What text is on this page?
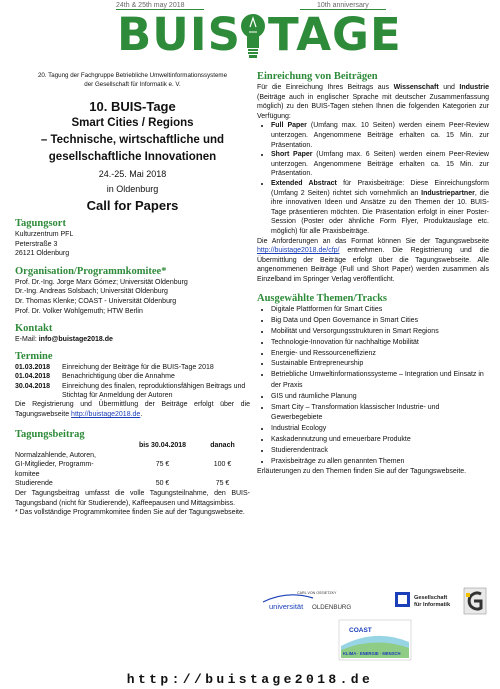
24th & 25th may 2018	10th anniversary
BUIS TAGE
20. Tagung der Fachgruppe Betriebliche Umweltinformationssysteme
der Gesellschaft für Informatik e. V.
10. BUIS-Tage
Smart Cities / Regions
– Technische, wirtschaftliche und
gesellschaftliche Innovationen
24.-25. Mai 2018
in Oldenburg
Call for Papers
Tagungsort
Kulturzentrum PFL
Peterstraße 3
26121 Oldenburg
Organisation/Programmkomitee*
Prof. Dr.-Ing. Jorge Marx Gómez; Universität Oldenburg
Dr.-Ing. Andreas Solsbach; Universität Oldenburg
Dr. Thomas Klenke; COAST - Universität Oldenburg
Prof. Dr. Volker Wohlgemuth; HTW Berlin
Kontakt
E-Mail: info@buistage2018.de
Termine
01.03.2018	Einreichung der Beiträge für die BUIS-Tage 2018
01.04.2018	Benachrichtigung über die Annahme
30.04.2018	Einreichung des finalen, reproduktionsfähigen Beitrags und Stichtag für Anmeldung der Autoren
Die Registrierung und Übermittlung der Beiträge erfolgt über die Tagungswebseite http://buistage2018.de.
Tagungsbeitrag
bis 30.04.2018	danach
Normalzahlende, Autoren,
GI-Mitglieder, Programm-	75 €	100 €
komitee
Studierende	50 €	75 €
Der Tagungsbeitrag umfasst die volle Tagungsteilnahme, den BUIS-Tagungsband (nicht für Studierende), Kaffeepausen und Mittagsimbiss.
* Das vollständige Programmkomitee finden Sie auf der Tagungswebseite.
Einreichung von Beiträgen
Für die Einreichung Ihres Beitrags aus Wissenschaft und Industrie (Beiträge auch in englischer Sprache mit deutscher Zusammenfassung möglich) zu den BUIS-Tagen stehen Ihnen die folgenden Kategorien zur Verfügung:
• Full Paper (Umfang max. 10 Seiten) werden einem Peer-Review unterzogen. Angenommene Beiträge erhalten ca. 15 Min. zur Präsentation.
• Short Paper (Umfang max. 6 Seiten) werden einem Peer-Review unterzogen. Angenommene Beiträge erhalten ca. 15 Min. zur Präsentation.
• Extended Abstract für Praxisbeiträge: Diese Einreichungsform (Umfang 2 Seiten) richtet sich vornehmlich an Industriepartner, die ihre innovativen Ideen und Ansätze zu den Themen der 10. BUIS-Tage präsentieren möchten. Die Präsentation erfolgt in einer Poster-Session (Poster oder ähnliche Form Flyer, Produktauslage etc. möglich) für alle Praxisbeiträge.
Die Anforderungen an das Format können Sie der Tagungswebseite http://buistage2018.de/cfp/ entnehmen. Die Registrierung und die Übermittlung der Beiträge erfolgt über die Tagungswebseite. Alle angenommenen Beiträge (Full und Short Paper) werden zusammen als Einzelband im Springer Verlag veröffentlicht.
Ausgewählte Themen/Tracks
• Digitale Plattformen für Smart Cities
• Big Data und Open Governance in Smart Cities
• Mobilität und Versorgungsstrukturen in Smart Regions
• Technologie-Innovation für nachhaltige Mobilität
• Energie- und Ressourceneffizienz
• Sustainable Entrepreneurship
• Betriebliche Umweltinformationssysteme – Integration und Einsatz in der Praxis
• GIS und räumliche Planung
• Smart City – Transformation klassischer Industrie- und Gewerbegebiete
• Industrial Ecology
• Kaskadennutzung und erneuerbare Produkte
• Studierendentrack
• Praxisbeiträge zu allen genannten Themen
Erläuterungen zu den Themen finden Sie auf der Tagungswebseite.
CARL VON OSSIETZKY
universität OLDENBURG
Gesellschaft
für Informatik
COAST
KLIMA · ENERGIE · MENSCH
http://buistage2018.de
